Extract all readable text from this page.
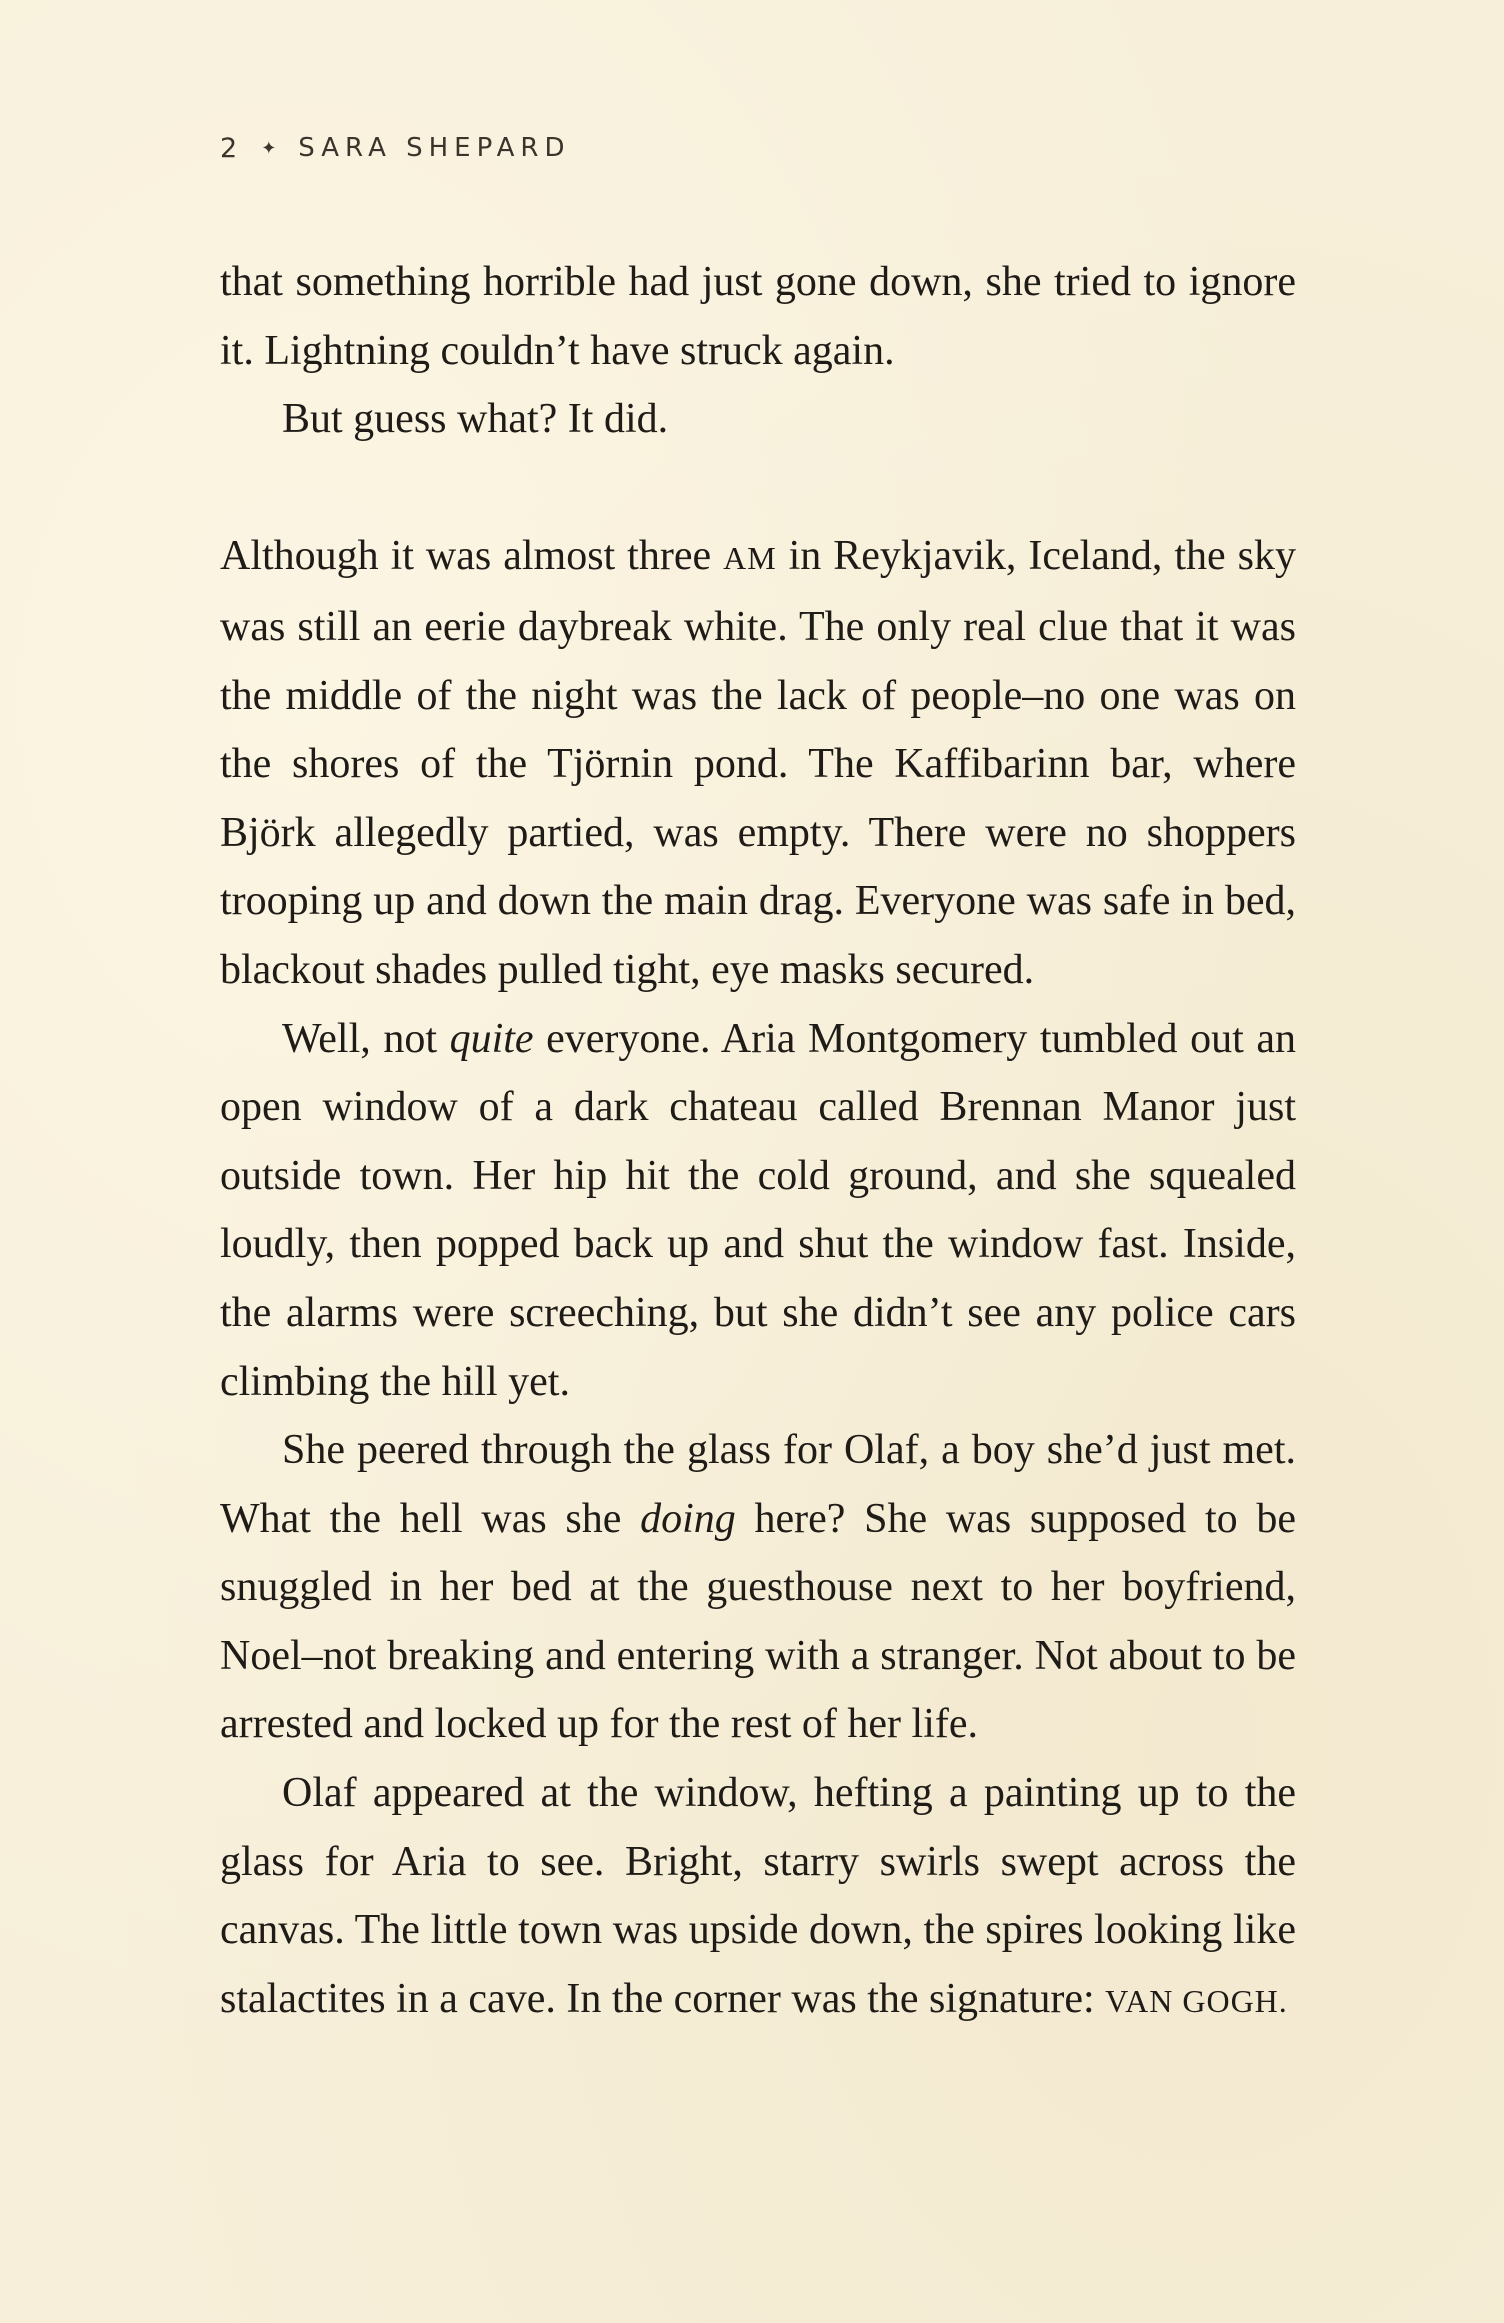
2 ✦ SARA SHEPARD

that something horrible had just gone down, she tried to ignore it. Lightning couldn’t have struck again.

But guess what? It did.

Although it was almost three AM in Reykjavik, Iceland, the sky was still an eerie daybreak white. The only real clue that it was the middle of the night was the lack of people–no one was on the shores of the Tjörnin pond. The Kaffibarinn bar, where Björk allegedly partied, was empty. There were no shoppers trooping up and down the main drag. Everyone was safe in bed, blackout shades pulled tight, eye masks secured.

Well, not quite everyone. Aria Montgomery tumbled out an open window of a dark chateau called Brennan Manor just outside town. Her hip hit the cold ground, and she squealed loudly, then popped back up and shut the window fast. Inside, the alarms were screeching, but she didn’t see any police cars climbing the hill yet.

She peered through the glass for Olaf, a boy she’d just met. What the hell was she doing here? She was supposed to be snuggled in her bed at the guesthouse next to her boyfriend, Noel–not breaking and entering with a stranger. Not about to be arrested and locked up for the rest of her life.

Olaf appeared at the window, hefting a painting up to the glass for Aria to see. Bright, starry swirls swept across the canvas. The little town was upside down, the spires looking like stalactites in a cave. In the corner was the signature: VAN GOGH.
